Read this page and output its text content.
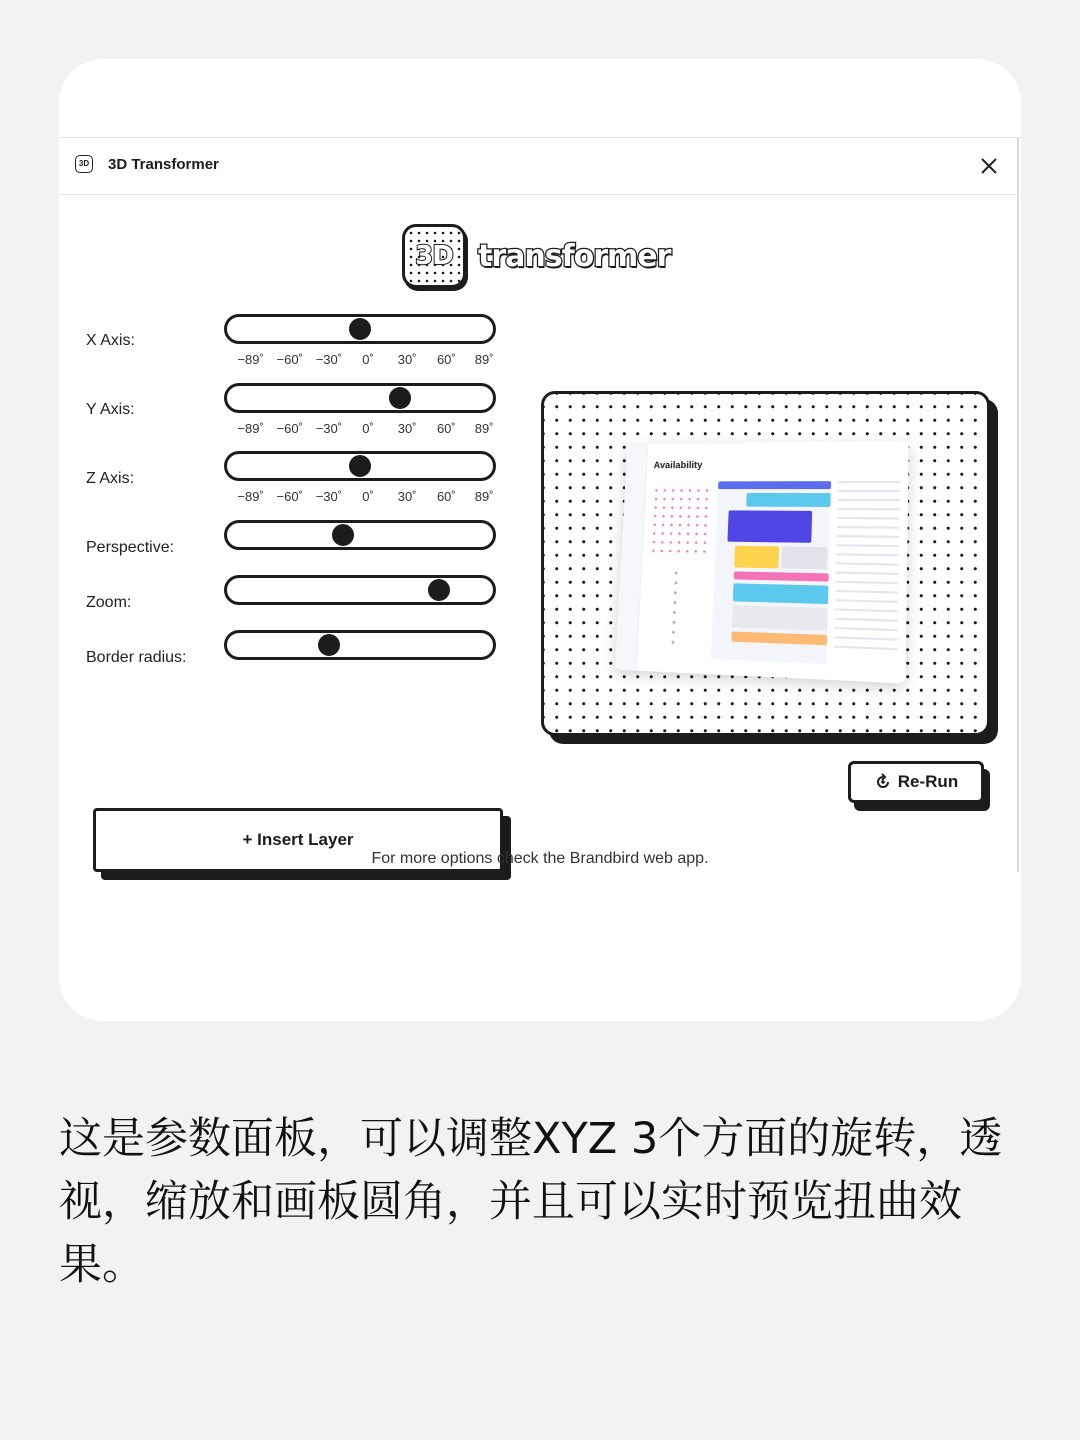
3D 3D Transformer
3D transformer
X Axis:
−89˚ −60˚ −30˚ 0˚ 30˚ 60˚ 89˚
Y Axis:
−89˚ −60˚ −30˚ 0˚ 30˚ 60˚ 89˚
Z Axis:
−89˚ −60˚ −30˚ 0˚ 30˚ 60˚ 89˚
Perspective:
Zoom:
Border radius:
Availability
Re-Run
+ Insert Layer
For more options check the Brandbird web app.
这是参数面板，可以调整XYZ 3个方面的旋转，透视，缩放和画板圆角，并且可以实时预览扭曲效果。
